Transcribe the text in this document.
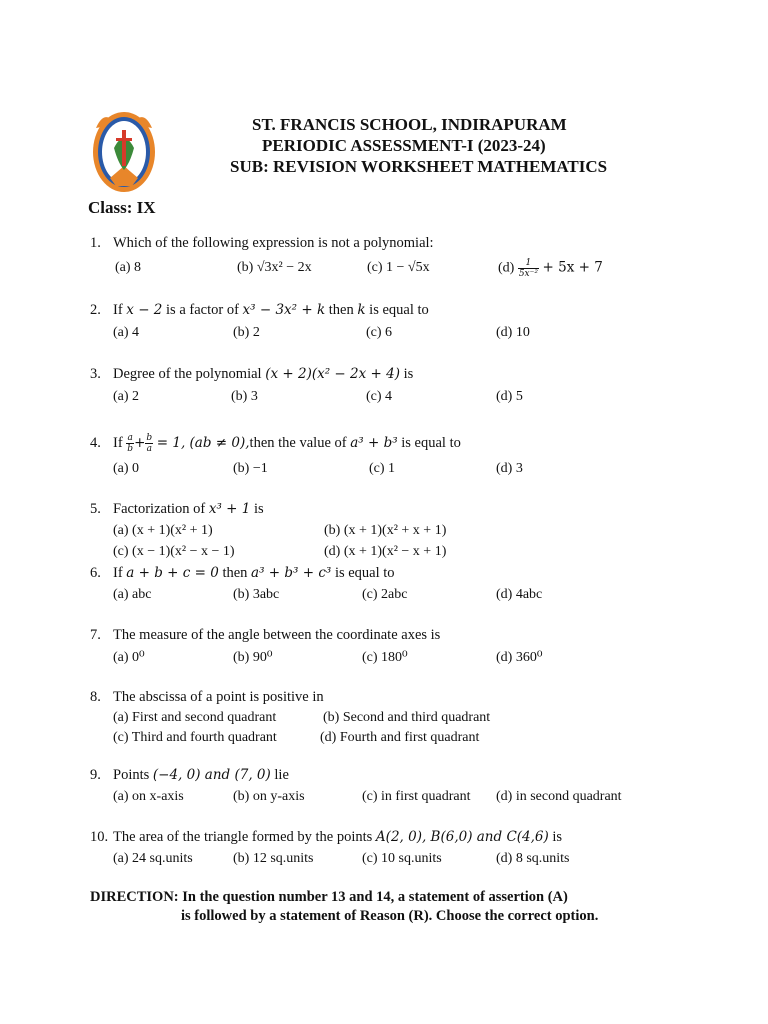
ST. FRANCIS SCHOOL, INDIRAPURAM
PERIODIC ASSESSMENT-I (2023-24)
SUB: REVISION WORKSHEET MATHEMATICS
Class: IX
1. Which of the following expression is not a polynomial:
(a) 8	(b) √3x² − 2x	(c) 1 − √5x	$(d) \frac{1}{\text{5x⁻²}} + 5x + 7$
2. If x − 2 is a factor of x³ − 3x² + k then k is equal to
(a) 4	(b) 2	(c) 6	(d) 10
3. Degree of the polynomial (x + 2)(x² − 2x + 4) is
(a) 2	(b) 3	(c) 4	(d) 5
4. If $\frac{a}{b} + \frac{b}{a} = 1$, (ab ≠ 0),then the value of a³ + b³ is equal to
(a) 0	(b) −1	(c) 1	(d) 3
5. Factorization of x³ + 1 is
(a) (x + 1)(x² + 1)	(b) (x + 1)(x² + x + 1)
(c) (x − 1)(x² − x − 1)	(d) (x + 1)(x² − x + 1)
6. If a + b + c = 0 then a³ + b³ + c³ is equal to
(a) abc	(b) 3abc	(c) 2abc	(d) 4abc
7. The measure of the angle between the coordinate axes is
(a) 0⁰	(b) 90⁰	(c) 180⁰	(d) 360⁰
8. The abscissa of a point is positive in
(a) First and second quadrant	(b) Second and third quadrant
(c) Third and fourth quadrant	(d) Fourth and first quadrant
9. Points (−4, 0) and (7, 0) lie
(a) on x-axis	(b) on y-axis	(c) in first quadrant (d) in second quadrant
10. The area of the triangle formed by the points A(2, 0), B(6,0) and C(4,6) is
(a) 24 sq.units	(b) 12 sq.units	(c) 10 sq.units	(d) 8 sq.units
DIRECTION: In the question number 13 and 14, a statement of assertion (A)
is followed by a statement of Reason (R). Choose the correct option.
